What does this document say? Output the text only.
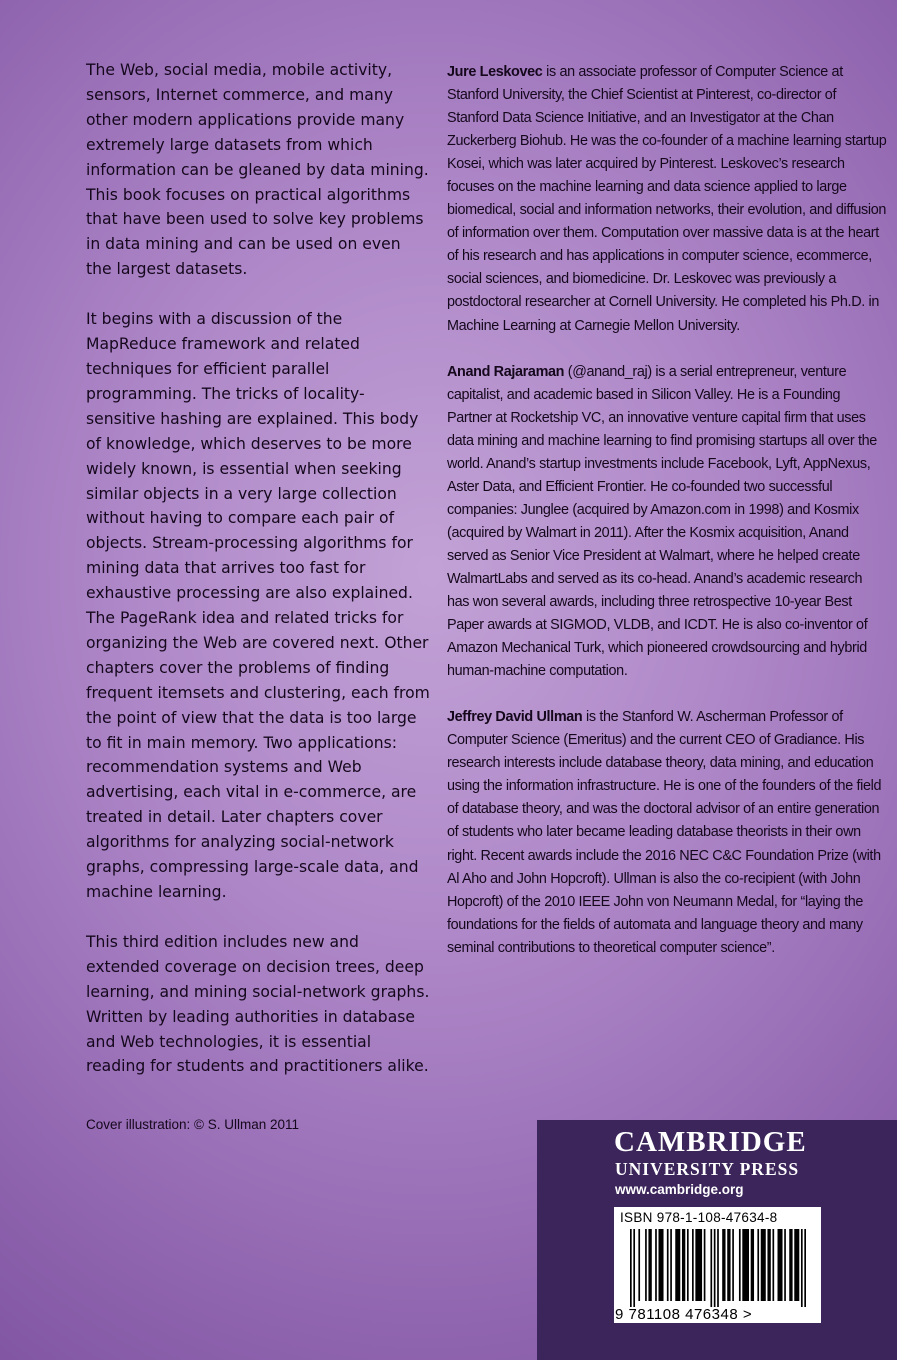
The Web, social media, mobile activity, sensors, Internet commerce, and many other modern applications provide many extremely large datasets from which information can be gleaned by data mining. This book focuses on practical algorithms that have been used to solve key problems in data mining and can be used on even the largest datasets.

It begins with a discussion of the MapReduce framework and related techniques for efficient parallel programming. The tricks of locality-sensitive hashing are explained. This body of knowledge, which deserves to be more widely known, is essential when seeking similar objects in a very large collection without having to compare each pair of objects. Stream-processing algorithms for mining data that arrives too fast for exhaustive processing are also explained. The PageRank idea and related tricks for organizing the Web are covered next. Other chapters cover the problems of finding frequent itemsets and clustering, each from the point of view that the data is too large to fit in main memory. Two applications: recommendation systems and Web advertising, each vital in e-commerce, are treated in detail. Later chapters cover algorithms for analyzing social-network graphs, compressing large-scale data, and machine learning.

This third edition includes new and extended coverage on decision trees, deep learning, and mining social-network graphs. Written by leading authorities in database and Web technologies, it is essential reading for students and practitioners alike.

Cover illustration: © S. Ullman 2011
Jure Leskovec is an associate professor of Computer Science at Stanford University, the Chief Scientist at Pinterest, co-director of Stanford Data Science Initiative, and an Investigator at the Chan Zuckerberg Biohub. He was the co-founder of a machine learning startup Kosei, which was later acquired by Pinterest. Leskovec’s research focuses on the machine learning and data science applied to large biomedical, social and information networks, their evolution, and diffusion of information over them. Computation over massive data is at the heart of his research and has applications in computer science, ecommerce, social sciences, and biomedicine. Dr. Leskovec was previously a postdoctoral researcher at Cornell University. He completed his Ph.D. in Machine Learning at Carnegie Mellon University.
Anand Rajaraman (@anand_raj) is a serial entrepreneur, venture capitalist, and academic based in Silicon Valley. He is a Founding Partner at Rocketship VC, an innovative venture capital firm that uses data mining and machine learning to find promising startups all over the world. Anand’s startup investments include Facebook, Lyft, AppNexus, Aster Data, and Efficient Frontier. He co-founded two successful companies: Junglee (acquired by Amazon.com in 1998) and Kosmix (acquired by Walmart in 2011). After the Kosmix acquisition, Anand served as Senior Vice President at Walmart, where he helped create WalmartLabs and served as its co-head. Anand’s academic research has won several awards, including three retrospective 10-year Best Paper awards at SIGMOD, VLDB, and ICDT. He is also co-inventor of Amazon Mechanical Turk, which pioneered crowdsourcing and hybrid human-machine computation.
Jeffrey David Ullman is the Stanford W. Ascherman Professor of Computer Science (Emeritus) and the current CEO of Gradiance. His research interests include database theory, data mining, and education using the information infrastructure. He is one of the founders of the field of database theory, and was the doctoral advisor of an entire generation of students who later became leading database theorists in their own right. Recent awards include the 2016 NEC C&C Foundation Prize (with Al Aho and John Hopcroft). Ullman is also the co-recipient (with John Hopcroft) of the 2010 IEEE John von Neumann Medal, for “laying the foundations for the fields of automata and language theory and many seminal contributions to theoretical computer science”.
CAMBRIDGE
UNIVERSITY PRESS
www.cambridge.org
ISBN 978-1-108-47634-8
9 781108 476348 >
